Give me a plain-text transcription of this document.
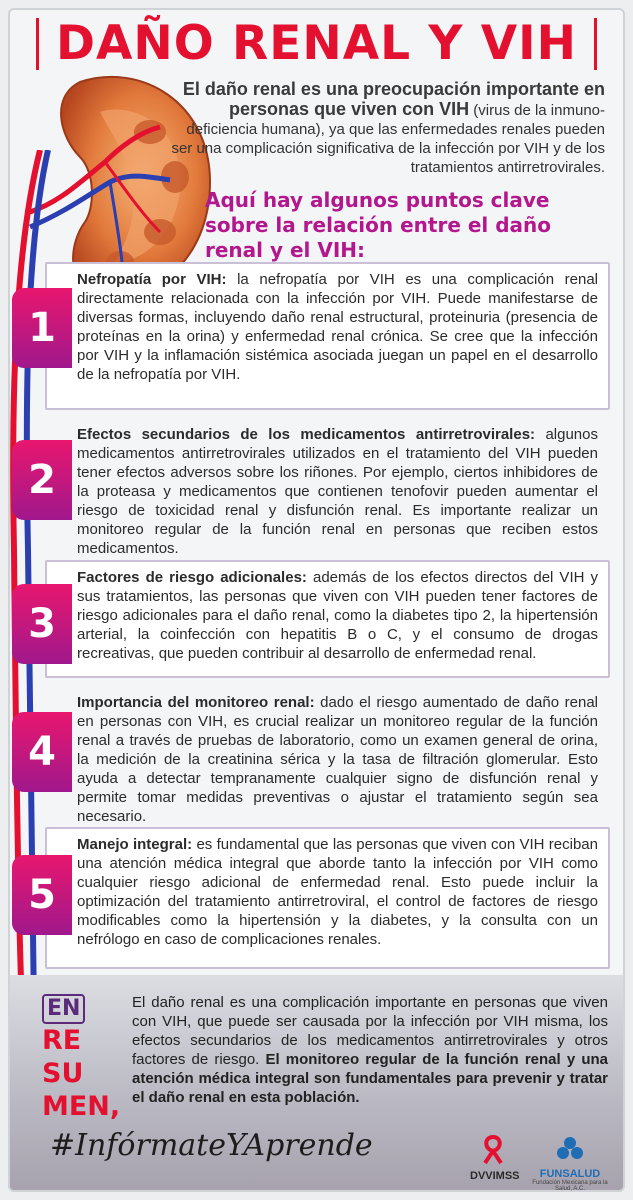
DAÑO RENAL Y VIH

El daño renal es una preocupación importante en personas que viven con VIH (virus de la inmuno-deficiencia humana), ya que las enfermedades renales pueden ser una complicación significativa de la infección por VIH y de los tratamientos antirretrovirales.

Aquí hay algunos puntos clave sobre la relación entre el daño renal y el VIH:
Nefropatía por VIH: la nefropatía por VIH es una complicación renal directamente relacionada con la infección por VIH. Puede manifestarse de diversas formas, incluyendo daño renal estructural, proteinuria (presencia de proteínas en la orina) y enfermedad renal crónica. Se cree que la infección por VIH y la inflamación sistémica asociada juegan un papel en el desarrollo de la nefropatía por VIH.
1
Efectos secundarios de los medicamentos antirretrovirales: algunos medicamentos antirretrovirales utilizados en el tratamiento del VIH pueden tener efectos adversos sobre los riñones. Por ejemplo, ciertos inhibidores de la proteasa y medicamentos que contienen tenofovir pueden aumentar el riesgo de toxicidad renal y disfunción renal. Es importante realizar un monitoreo regular de la función renal en personas que reciben estos medicamentos.
2
Factores de riesgo adicionales: además de los efectos directos del VIH y sus tratamientos, las personas que viven con VIH pueden tener factores de riesgo adicionales para el daño renal, como la diabetes tipo 2, la hipertensión arterial, la coinfección con hepatitis B o C, y el consumo de drogas recreativas, que pueden contribuir al desarrollo de enfermedad renal.
3
Importancia del monitoreo renal: dado el riesgo aumentado de daño renal en personas con VIH, es crucial realizar un monitoreo regular de la función renal a través de pruebas de laboratorio, como un examen general de orina, la medición de la creatinina sérica y la tasa de filtración glomerular. Esto ayuda a detectar tempranamente cualquier signo de disfunción renal y permite tomar medidas preventivas o ajustar el tratamiento según sea necesario.
4
Manejo integral: es fundamental que las personas que viven con VIH reciban una atención médica integral que aborde tanto la infección por VIH como cualquier riesgo adicional de enfermedad renal. Esto puede incluir la optimización del tratamiento antirretroviral, el control de factores de riesgo modificables como la hipertensión y la diabetes, y la consulta con un nefrólogo en caso de complicaciones renales.
5
EN
RE
SU
MEN,

El daño renal es una complicación importante en personas que viven con VIH, que puede ser causada por la infección por VIH misma, los efectos secundarios de los medicamentos antirretrovirales y otros factores de riesgo. El monitoreo regular de la función renal y una atención médica integral son fundamentales para prevenir y tratar el daño renal en esta población.

#InfórmateYAprende
DVVIMSS	FUNSALUD
Fundación Mexicana para la Salud, A.C.
